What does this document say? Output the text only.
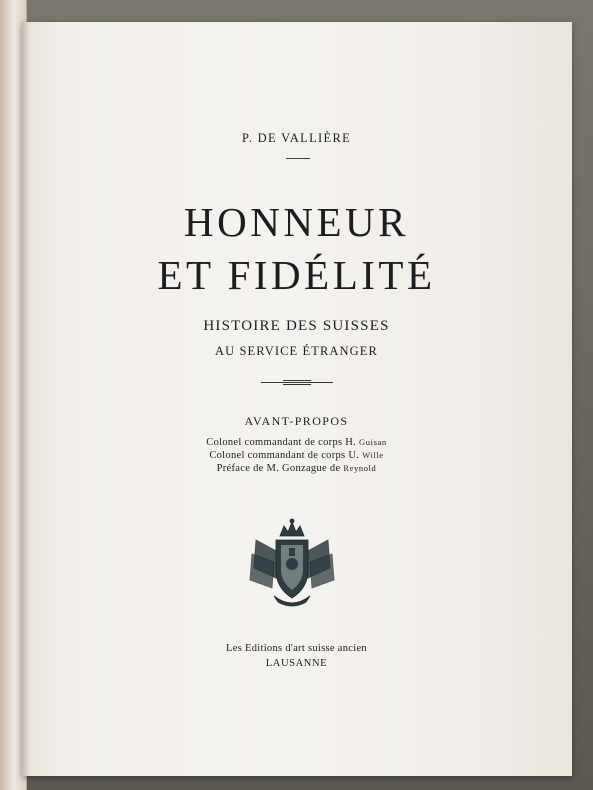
P. DE VALLIÈRE
HONNEUR
ET FIDÉLITÉ
HISTOIRE DES SUISSES
AU SERVICE ÉTRANGER
AVANT-PROPOS
Colonel commandant de corps H. Guisan
Colonel commandant de corps U. Wille
Préface de M. Gonzague de Reynold
Les Editions d'art suisse ancien
LAUSANNE
